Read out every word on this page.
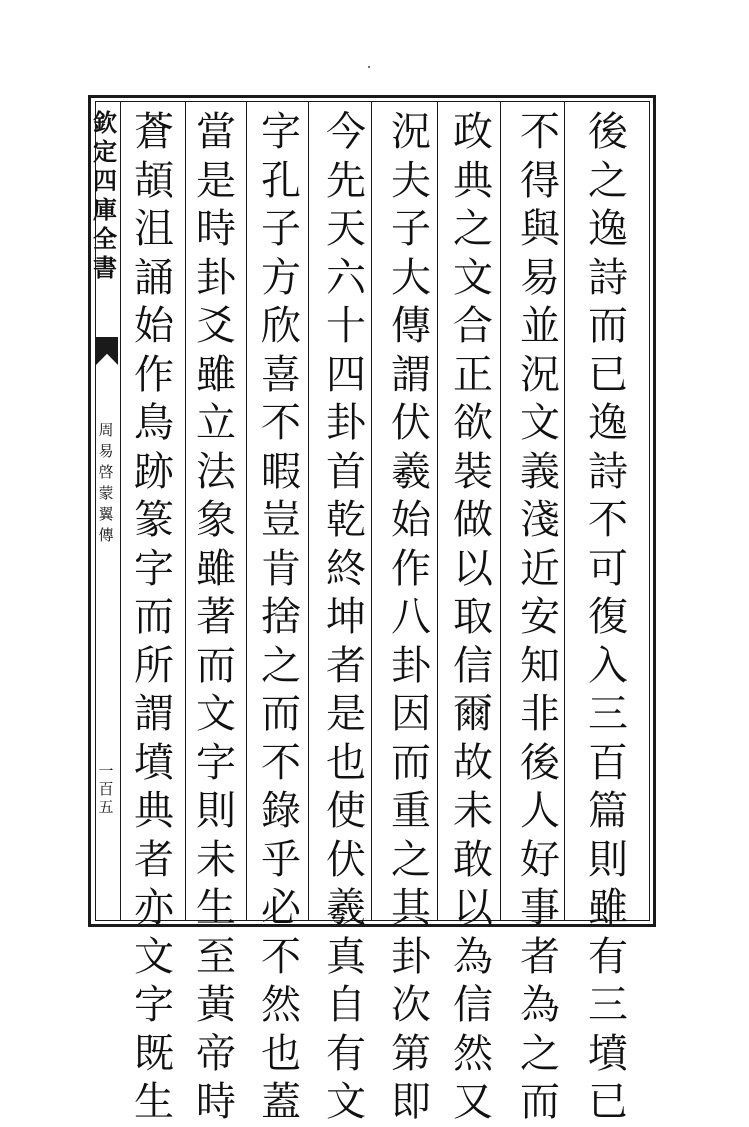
欽
定
四
庫
全
書
周
易
啓
蒙
翼
傳
一
百
五
後
之
逸
詩
而
已
逸
詩
不
可
復
入
三
百
篇
則
雖
有
三
墳
已
不
得
與
易
並
況
文
義
淺
近
安
知
非
後
人
好
事
者
為
之
而
政
典
之
文
合
正
欲
裝
做
以
取
信
爾
故
未
敢
以
為
信
然
又
況
夫
子
大
傳
謂
伏
羲
始
作
八
卦
因
而
重
之
其
卦
次
第
即
今
先
天
六
十
四
卦
首
乾
終
坤
者
是
也
使
伏
羲
真
自
有
文
字
孔
子
方
欣
喜
不
暇
豈
肯
捨
之
而
不
錄
乎
必
不
然
也
蓋
當
是
時
卦
爻
雖
立
法
象
雖
著
而
文
字
則
未
生
至
黃
帝
時
蒼
頡
沮
誦
始
作
鳥
跡
篆
字
而
所
謂
墳
典
者
亦
文
字
既
生
